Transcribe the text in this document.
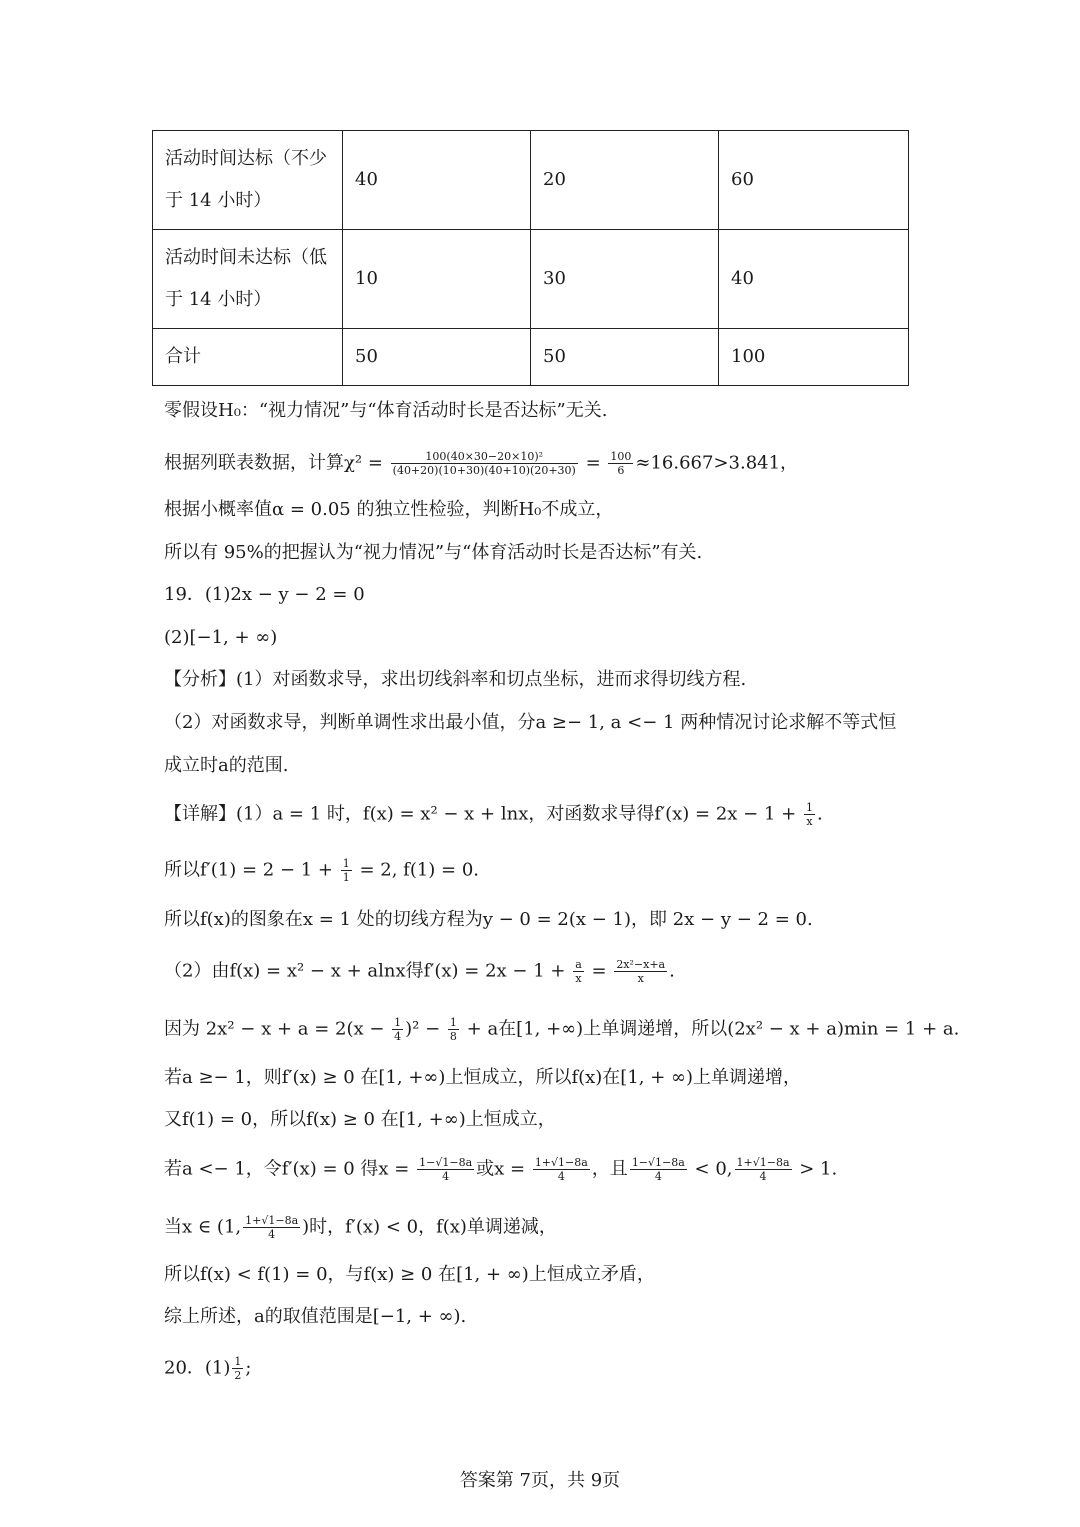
活动时间达标（不少
于 14 小时）	40	20	60
活动时间未达标（低
于 14 小时）	10	30	40
合计	50	50	100
零假设H₀：“视力情况”与“体育活动时长是否达标”无关.
根据列联表数据，计算$\chi^2 = \frac{\text{100(40×30−20×10)²}}{(40+20)(10+30)(40+10)(20+30)} = \frac{100}{6} \approx 16.667>3.841$，
根据小概率值α = 0.05 的独立性检验，判断H₀不成立，
所以有 95%的把握认为“视力情况”与“体育活动时长是否达标”有关.
19．(1)2x − y − 2 = 0
(2)[−1, + ∞)
【分析】(1）对函数求导，求出切线斜率和切点坐标，进而求得切线方程.
（2）对函数求导，判断单调性求出最小值，分a ≥− 1, a <− 1 两种情况讨论求解不等式恒
成立时a的范围.
【详解】(1）a = 1 时，f(x) = x² − x + lnx，对函数求导得$f'(x) = 2x - 1 + \frac{1}{x}$ .
所以$f'(1) = 2 - 1 + \frac{1}{1} = 2$, f(1) = 0.
所以f(x)的图象在x = 1 处的切线方程为y − 0 = 2(x − 1)，即 2x − y − 2 = 0.
（2）由f(x) = x² − x + alnx得$f'(x) = 2x - 1 + \frac{a}{x} = \frac{\text{2x²−x+a}}{x}$ .
因为 $2x^2 - x + a = 2(x - \frac{1}{4} )^2 - \frac{1}{8} + a$在[1, +∞)上单调递增，所以(2x² − x + a)min = 1 + a.
若a ≥− 1，则f′(x) ≥ 0 在[1, +∞)上恒成立，所以f(x)在[1, + ∞)上单调递增，
又f(1) = 0，所以f(x) ≥ 0 在[1, +∞)上恒成立，
若a <− 1，令f′(x) = 0 得$x = \frac{1-√1-8a}{4}$ 或$x = \frac{1+√1-8a}{4}$ ，且 $\frac{1-√1-8a}{4} < 0$, $\frac{1+√1-8a}{4} > 1$.
当x ∈ (1, $\frac{1+√1-8a}{4}$ )时，f′(x) < 0，f(x)单调递减，
所以f(x) < f(1) = 0，与f(x) ≥ 0 在[1, + ∞)上恒成立矛盾，
综上所述，a的取值范围是[−1, + ∞).
20．$(1) \frac{1}{2}$ ;
答案第 7页，共 9页
